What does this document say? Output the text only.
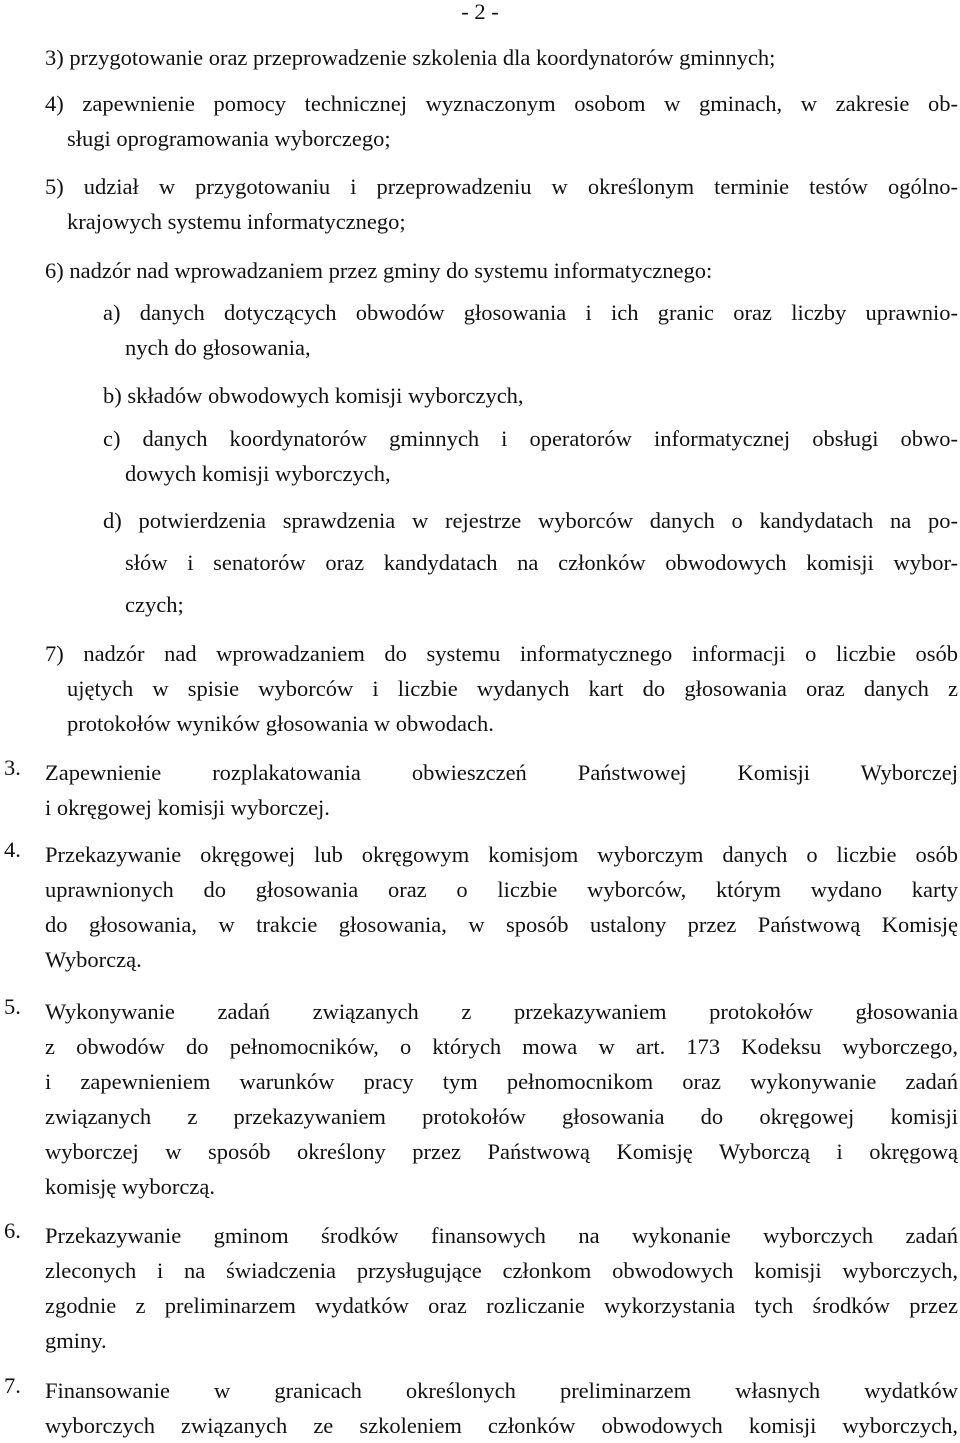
- 2 -
3) przygotowanie oraz przeprowadzenie szkolenia dla koordynatorów gminnych;
4) zapewnienie pomocy technicznej wyznaczonym osobom w gminach, w zakresie ob-
sługi oprogramowania wyborczego;
5) udział w przygotowaniu i przeprowadzeniu w określonym terminie testów ogólno-
krajowych systemu informatycznego;
6) nadzór nad wprowadzaniem przez gminy do systemu informatycznego:
a) danych dotyczących obwodów głosowania i ich granic oraz liczby uprawnio-
nych do głosowania,
b) składów obwodowych komisji wyborczych,
c) danych koordynatorów gminnych i operatorów informatycznej obsługi obwo-
dowych komisji wyborczych,
d) potwierdzenia sprawdzenia w rejestrze wyborców danych o kandydatach na po-
słów i senatorów oraz kandydatach na członków obwodowych komisji wybor-
czych;
7) nadzór nad wprowadzaniem do systemu informatycznego informacji o liczbie osób
ujętych w spisie wyborców i liczbie wydanych kart do głosowania oraz danych z
protokołów wyników głosowania w obwodach.
3. Zapewnienie rozplakatowania obwieszczeń Państwowej Komisji Wyborczej
i okręgowej komisji wyborczej.
4. Przekazywanie okręgowej lub okręgowym komisjom wyborczym danych o liczbie osób
uprawnionych do głosowania oraz o liczbie wyborców, którym wydano karty
do głosowania, w trakcie głosowania, w sposób ustalony przez Państwową Komisję
Wyborczą.
5. Wykonywanie zadań związanych z przekazywaniem protokołów głosowania
z obwodów do pełnomocników, o których mowa w art. 173 Kodeksu wyborczego,
i zapewnieniem warunków pracy tym pełnomocnikom oraz wykonywanie zadań
związanych z przekazywaniem protokołów głosowania do okręgowej komisji
wyborczej w sposób określony przez Państwową Komisję Wyborczą i okręgową
komisję wyborczą.
6. Przekazywanie gminom środków finansowych na wykonanie wyborczych zadań
zleconych i na świadczenia przysługujące członkom obwodowych komisji wyborczych,
zgodnie z preliminarzem wydatków oraz rozliczanie wykorzystania tych środków przez
gminy.
7. Finansowanie w granicach określonych preliminarzem własnych wydatków
wyborczych związanych ze szkoleniem członków obwodowych komisji wyborczych,
